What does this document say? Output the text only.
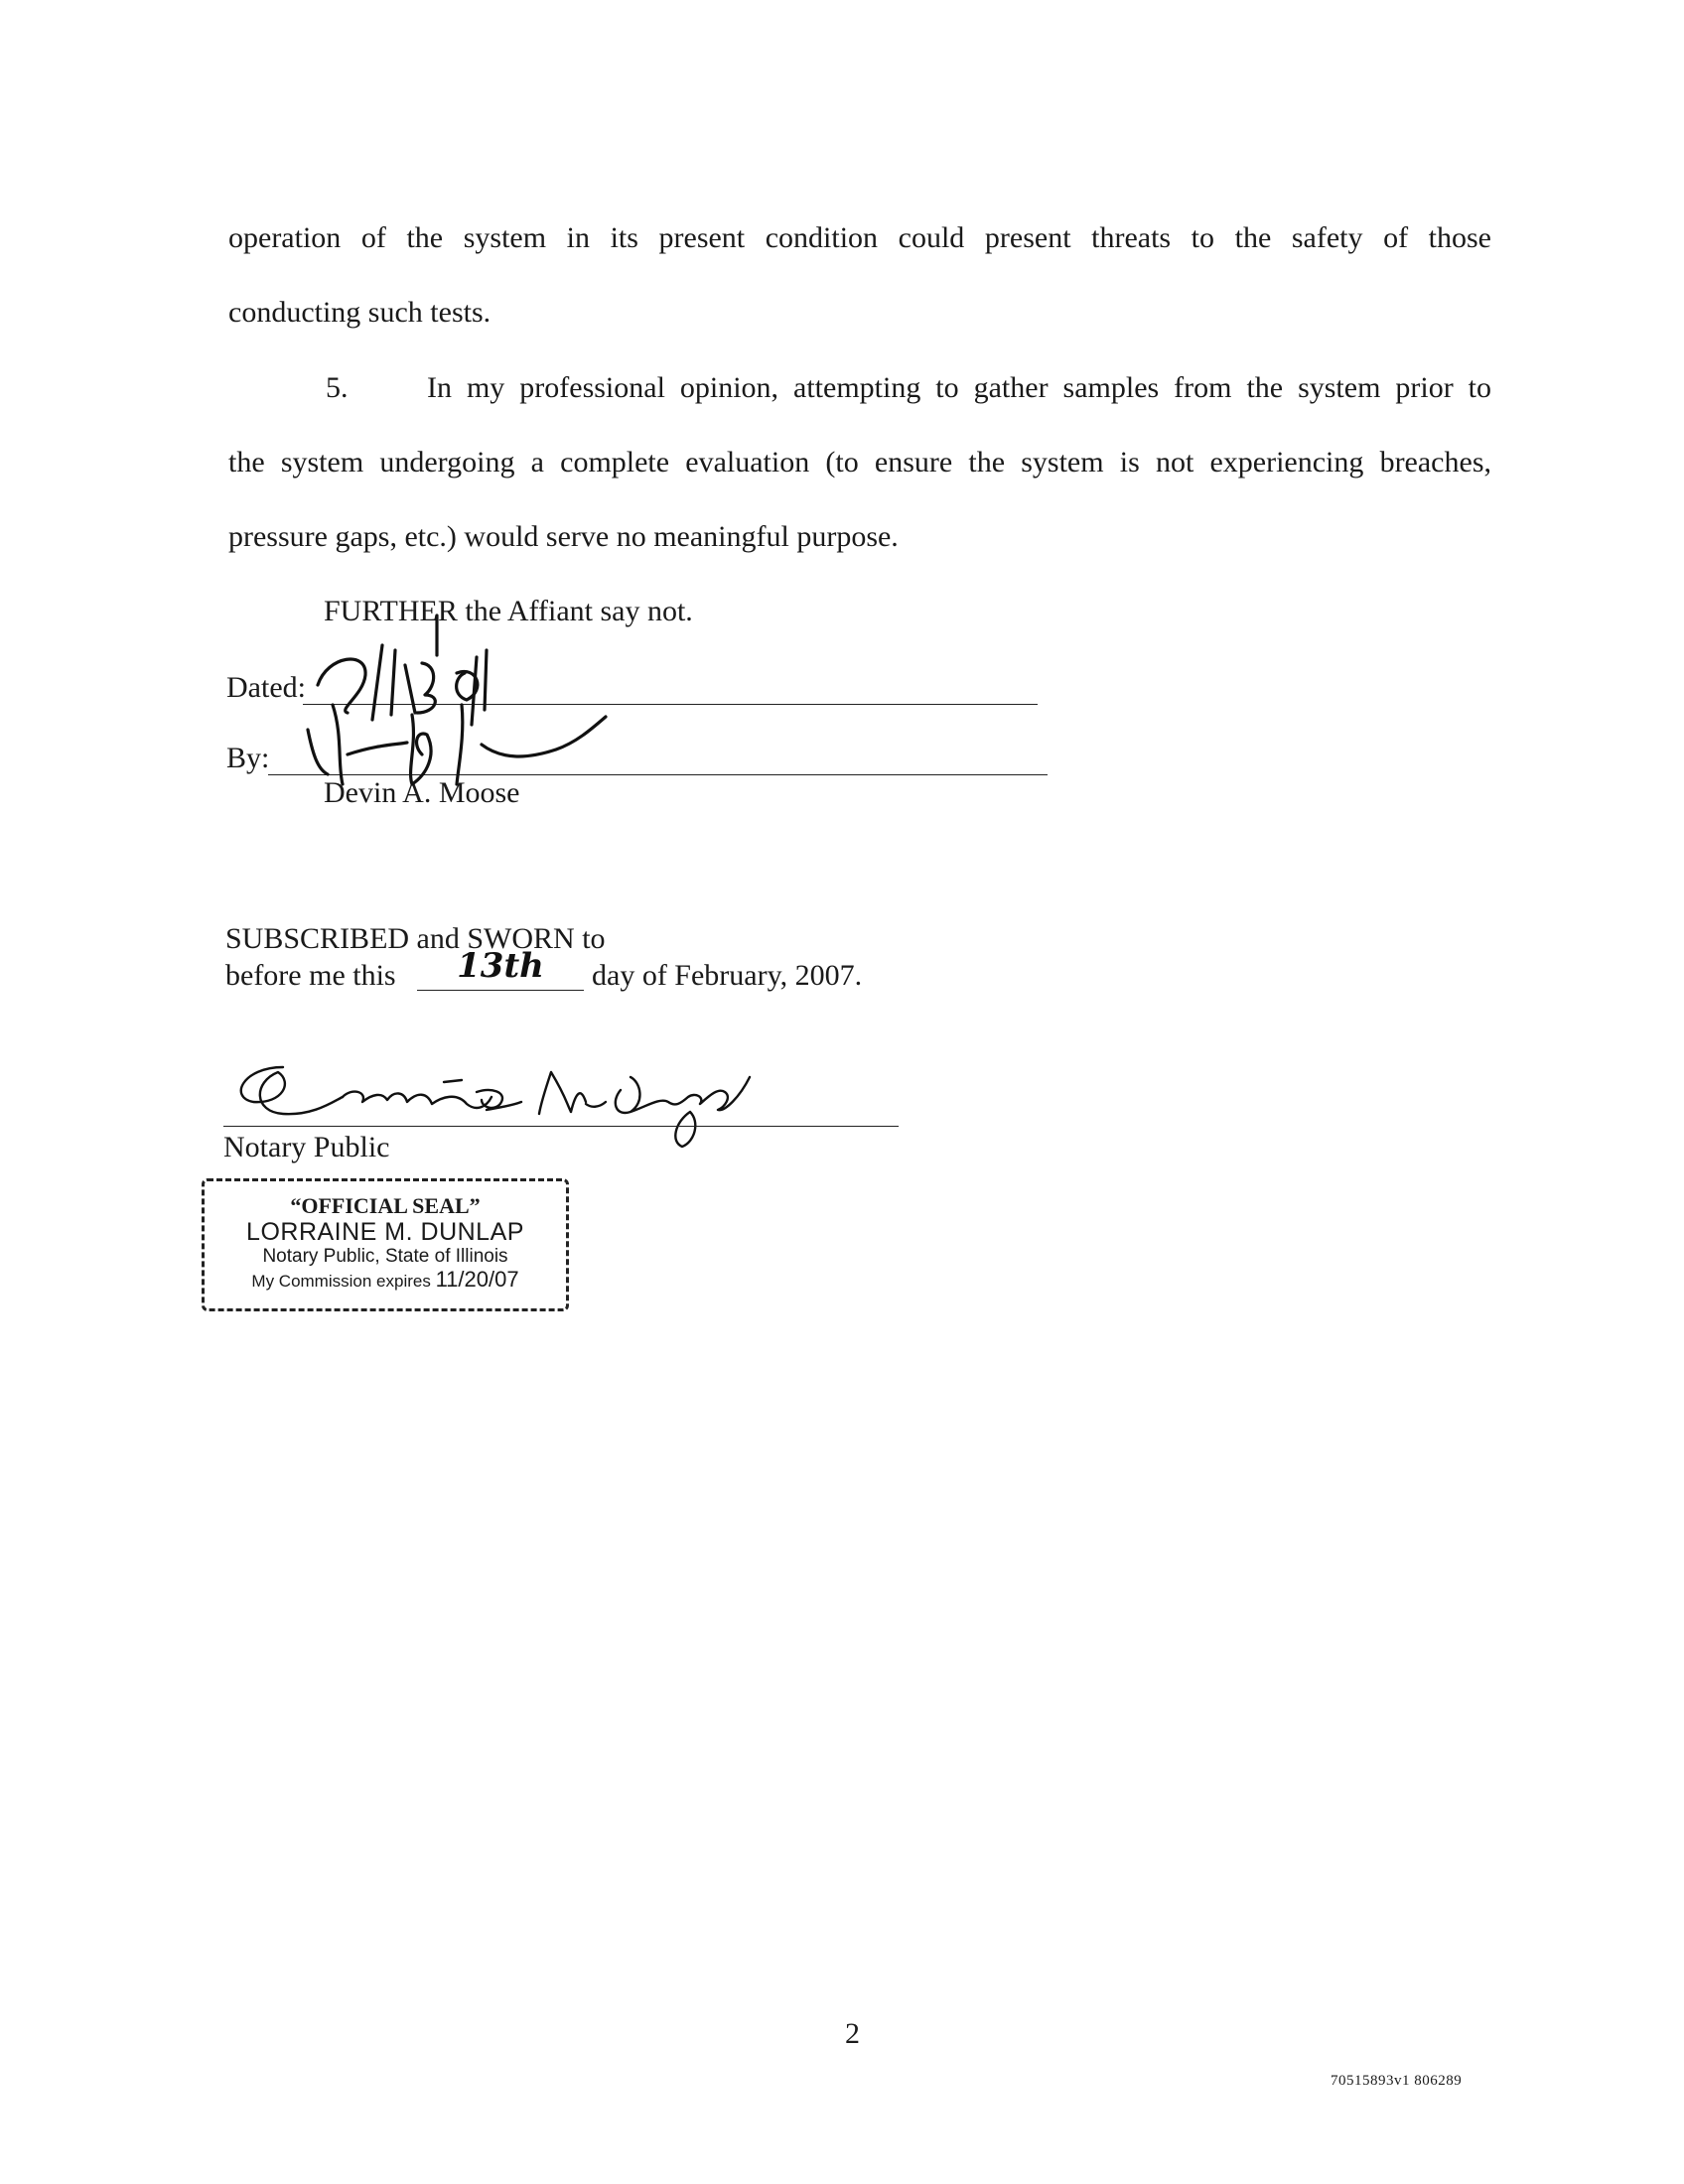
operation of the system in its present condition could present threats to the safety of those
conducting such tests.
5.	In my professional opinion, attempting to gather samples from the system prior to
the system undergoing a complete evaluation (to ensure the system is not experiencing breaches,
pressure gaps, etc.) would serve no meaningful purpose.
FURTHER the Affiant say not.
Dated:
By:
Devin A. Moose
SUBSCRIBED and SWORN to
before me this	13th	day of February, 2007.
Notary Public
“OFFICIAL SEAL”
LORRAINE M. DUNLAP
Notary Public, State of Illinois
My Commission expires 11/20/07
2
70515893v1 806289
